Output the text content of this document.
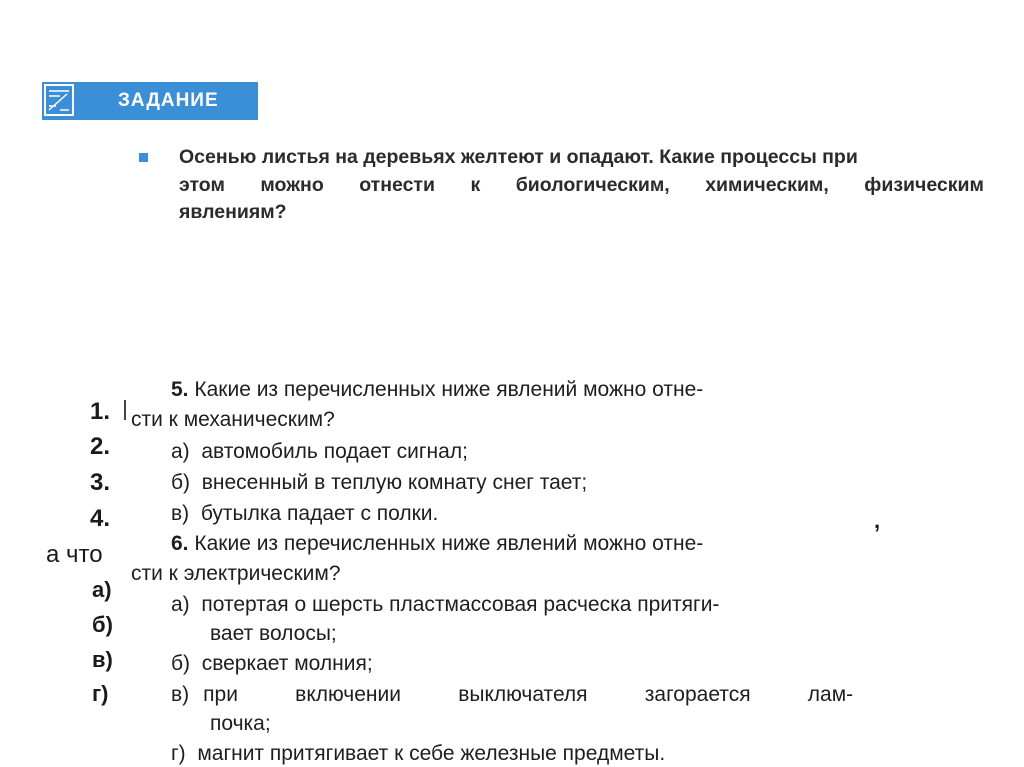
ЗАДАНИЕ
Осенью листья на деревьях желтеют и опадают. Какие процессы при
этом можно отнести к биологическим, химическим, физическим
явлениям?
1.
2.
3.
4.
а что
а)
б)
в)
г)
,
5. Какие из перечисленных ниже явлений можно отне-
сти к механическим?
а) автомобиль подает сигнал;
б) внесенный в теплую комнату снег тает;
в) бутылка падает с полки.
6. Какие из перечисленных ниже явлений можно отне-
сти к электрическим?
а) потертая о шерсть пластмассовая расческа притяги-
вает волосы;
б) сверкает молния;
в) при	включении	выключателя	загорается	лам-
почка;
г) магнит притягивает к себе железные предметы.
